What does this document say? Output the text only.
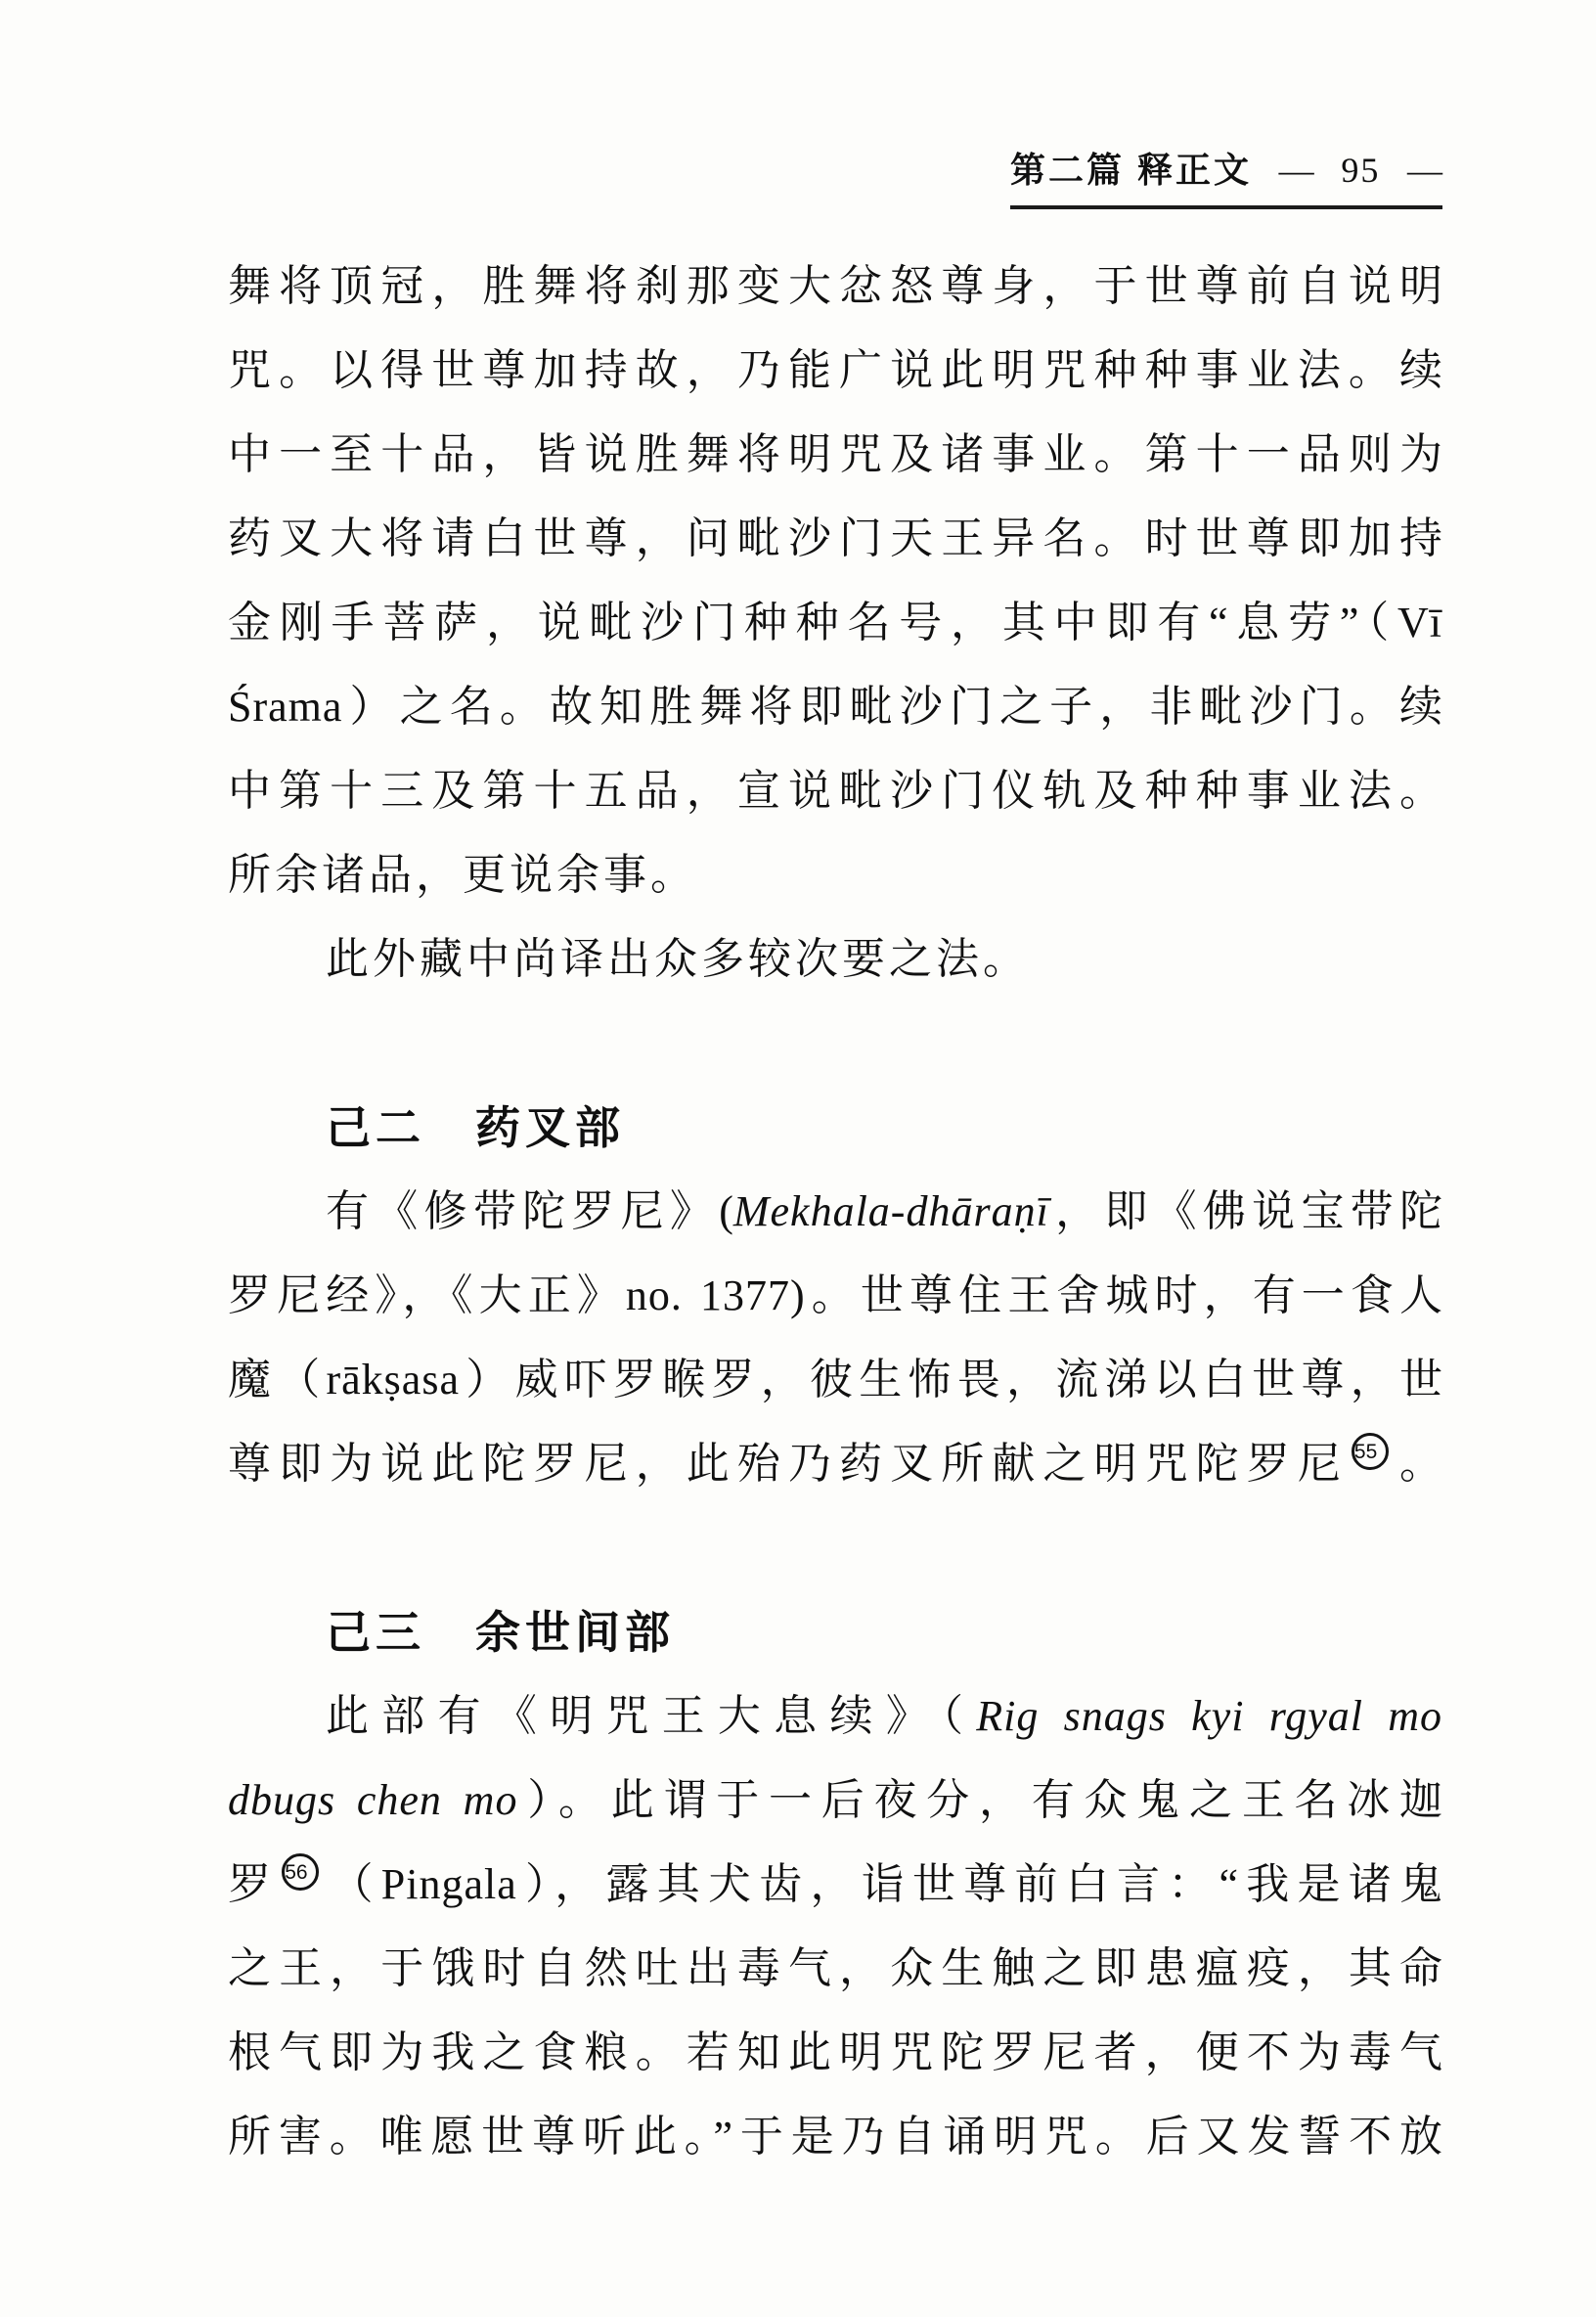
第二篇 释正文 — 95 —
舞将顶冠，胜舞将刹那变大忿怒尊身，于世尊前自说明
咒。以得世尊加持故，乃能广说此明咒种种事业法。续
中一至十品，皆说胜舞将明咒及诸事业。第十一品则为
药叉大将请白世尊，问毗沙门天王异名。时世尊即加持
金刚手菩萨，说毗沙门种种名号，其中即有“息劳”（Vī
Śrama）之名。故知胜舞将即毗沙门之子，非毗沙门。续
中第十三及第十五品，宣说毗沙门仪轨及种种事业法。
所余诸品，更说余事。
此外藏中尚译出众多较次要之法。
己二　药叉部
有《修带陀罗尼》(Mekhala-dhāraṇī，即《佛说宝带陀
罗尼经》，《大正》no. 1377)。世尊住王舍城时，有一食人
魔（rākṣasa）威吓罗睺罗，彼生怖畏，流涕以白世尊，世
尊即为说此陀罗尼，此殆乃药叉所献之明咒陀罗尼 55 。
己三　余世间部
此部有《明咒王大息续》（Rig snags kyi rgyal mo
dbugs chen mo）。此谓于一后夜分，有众鬼之王名冰迦
罗 56 （Pingala），露其犬齿，诣世尊前白言：“我是诸鬼
之王，于饿时自然吐出毒气，众生触之即患瘟疫，其命
根气即为我之食粮。若知此明咒陀罗尼者，便不为毒气
所害。唯愿世尊听此。”于是乃自诵明咒。后又发誓不放
